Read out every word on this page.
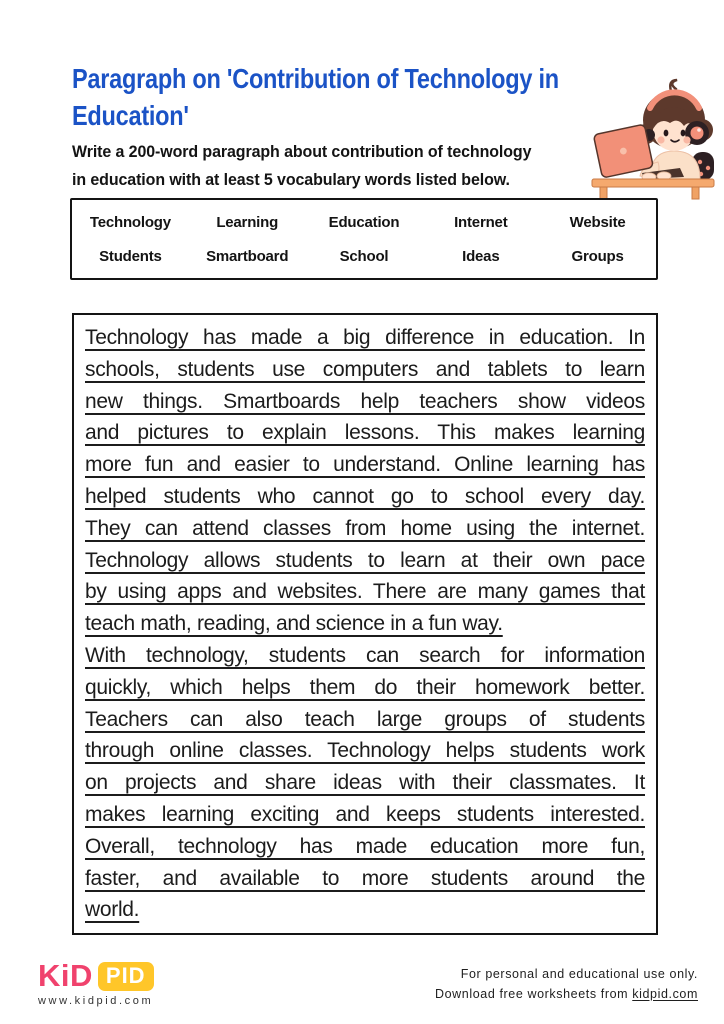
Paragraph on 'Contribution of Technology in
Education'

Write a 200-word paragraph about contribution of technology
in education with at least 5 vocabulary words listed below.

Technology	Learning	Education	Internet	Website
Students	Smartboard	School	Ideas	Groups
Technology has made a big difference in education. In
schools, students use computers and tablets to learn
new things. Smartboards help teachers show videos
and pictures to explain lessons. This makes learning
more fun and easier to understand. Online learning has
helped students who cannot go to school every day.
They can attend classes from home using the internet.
Technology allows students to learn at their own pace
by using apps and websites. There are many games that
teach math, reading, and science in a fun way.
With technology, students can search for information
quickly, which helps them do their homework better.
Teachers can also teach large groups of students
through online classes. Technology helps students work
on projects and share ideas with their classmates. It
makes learning exciting and keeps students interested.
Overall, technology has made education more fun,
faster, and available to more students around the
world.
KiD PID
www.kidpid.com
For personal and educational use only.
Download free worksheets from kidpid.com
